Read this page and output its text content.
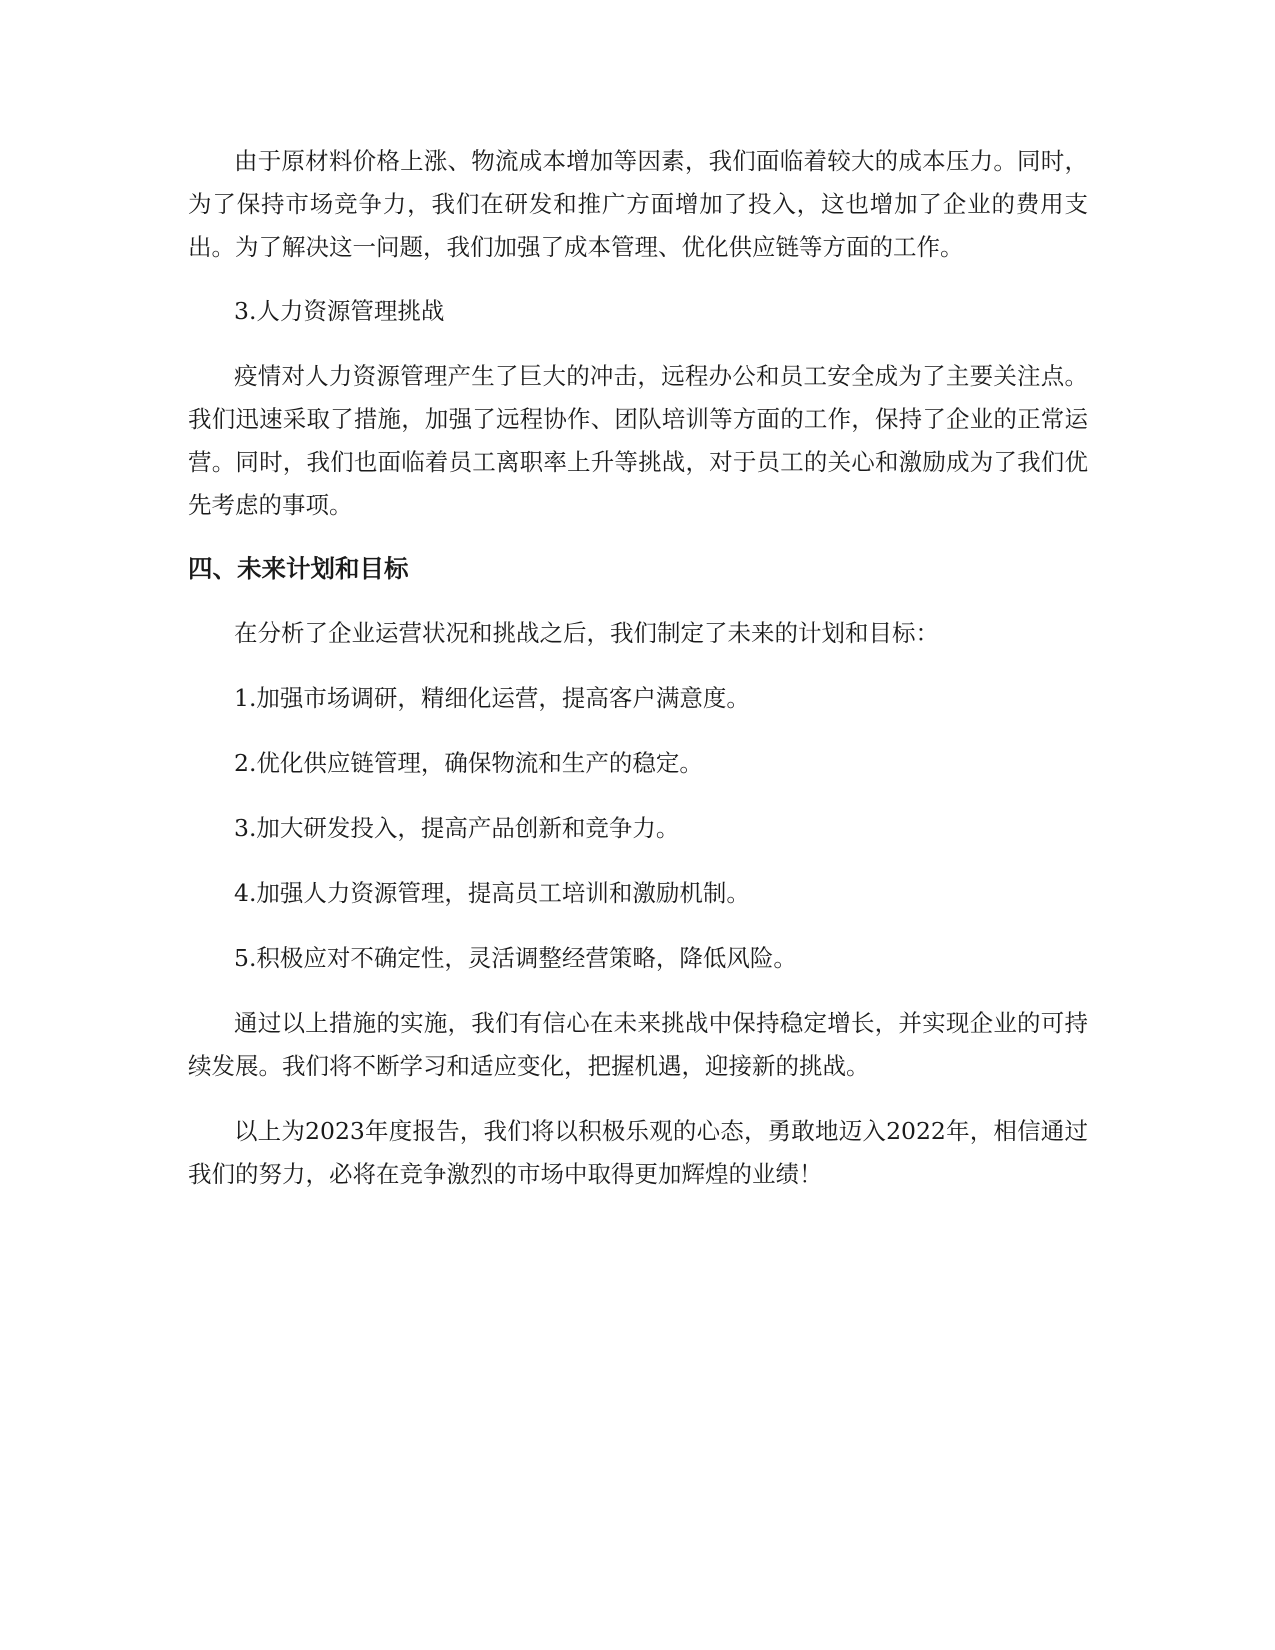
由于原材料价格上涨、物流成本增加等因素，我们面临着较大的成本压力。同时，为了保持市场竞争力，我们在研发和推广方面增加了投入，这也增加了企业的费用支出。为了解决这一问题，我们加强了成本管理、优化供应链等方面的工作。

3.人力资源管理挑战

疫情对人力资源管理产生了巨大的冲击，远程办公和员工安全成为了主要关注点。我们迅速采取了措施，加强了远程协作、团队培训等方面的工作，保持了企业的正常运营。同时，我们也面临着员工离职率上升等挑战，对于员工的关心和激励成为了我们优先考虑的事项。

四、未来计划和目标

在分析了企业运营状况和挑战之后，我们制定了未来的计划和目标：

1.加强市场调研，精细化运营，提高客户满意度。

2.优化供应链管理，确保物流和生产的稳定。

3.加大研发投入，提高产品创新和竞争力。

4.加强人力资源管理，提高员工培训和激励机制。

5.积极应对不确定性，灵活调整经营策略，降低风险。

通过以上措施的实施，我们有信心在未来挑战中保持稳定增长，并实现企业的可持续发展。我们将不断学习和适应变化，把握机遇，迎接新的挑战。

以上为2023年度报告，我们将以积极乐观的心态，勇敢地迈入2022年，相信通过我们的努力，必将在竞争激烈的市场中取得更加辉煌的业绩！
